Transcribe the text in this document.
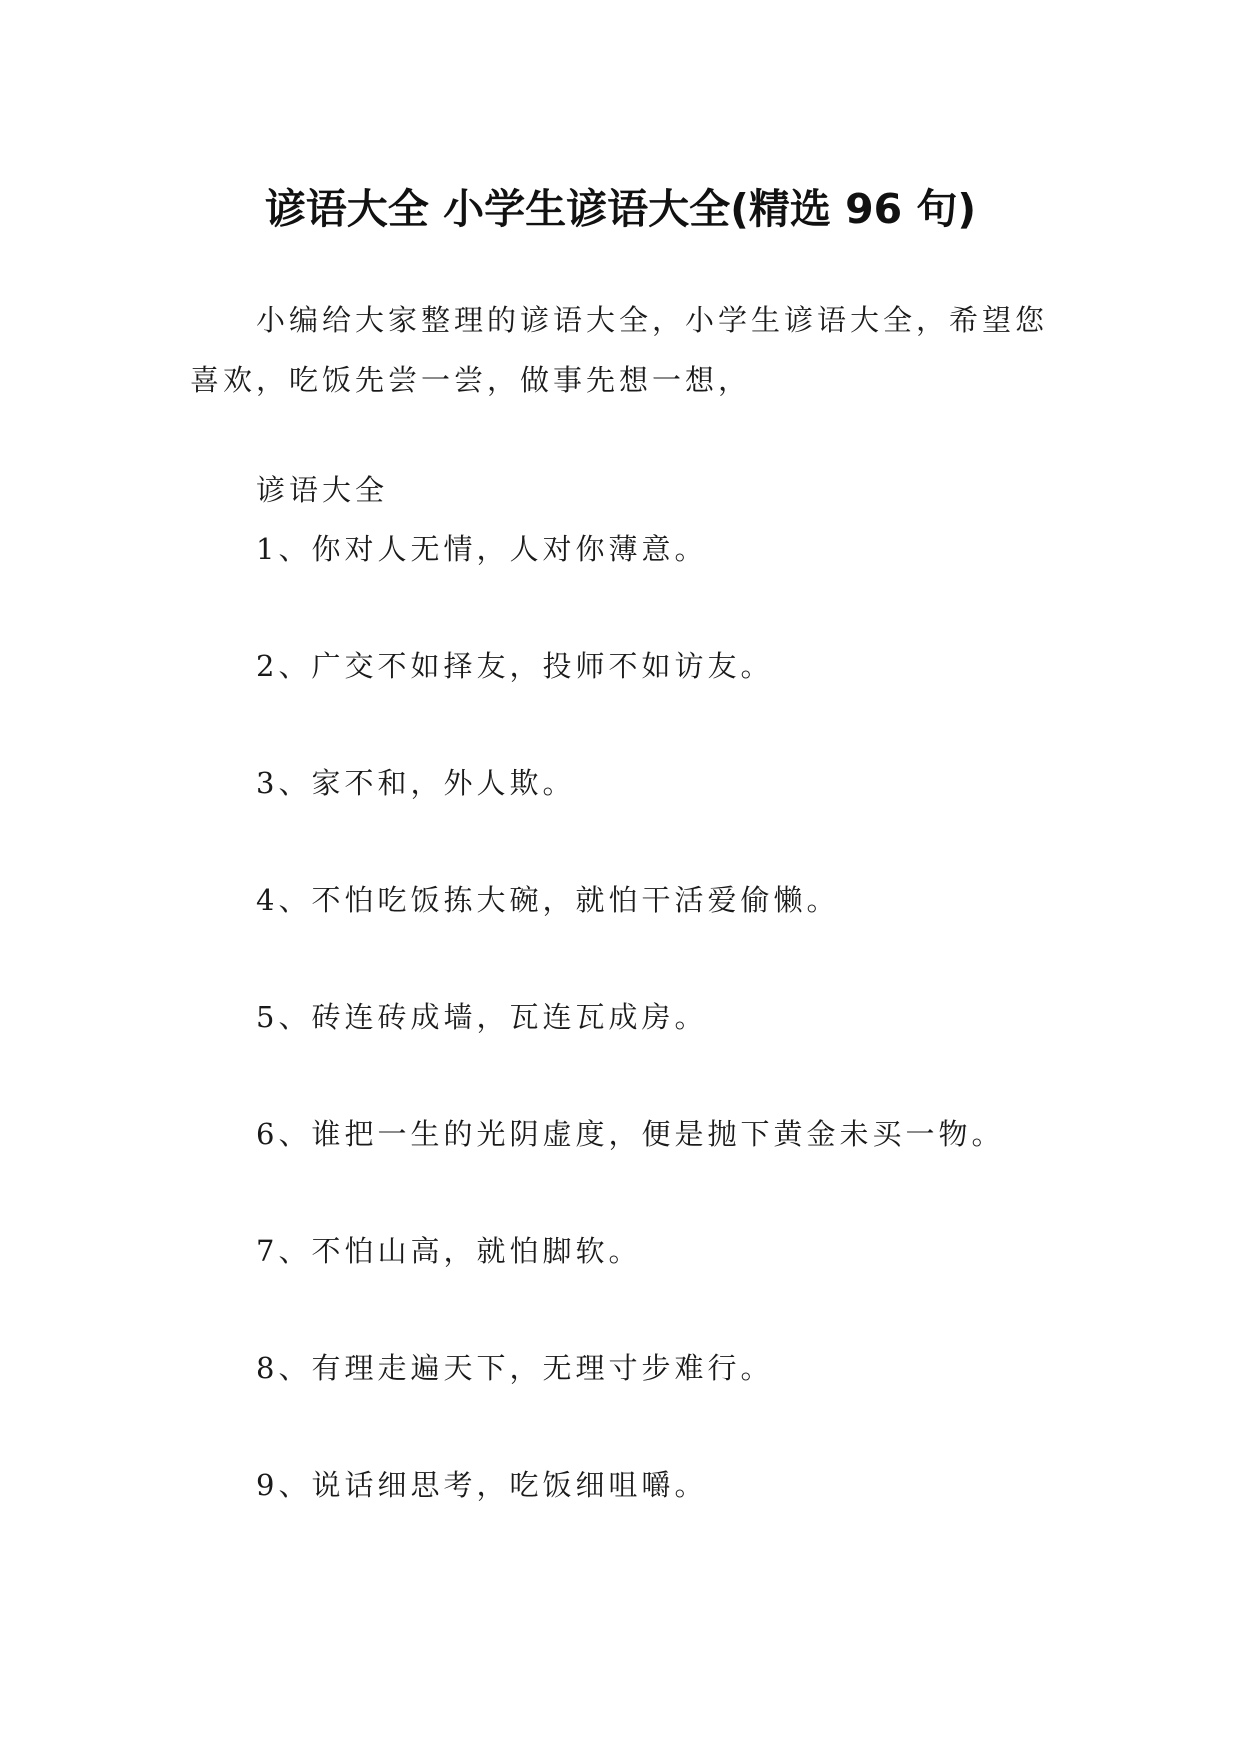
谚语大全 小学生谚语大全(精选 96 句)

小编给大家整理的谚语大全，小学生谚语大全，希望您喜欢，吃饭先尝一尝，做事先想一想，

谚语大全

1、你对人无情，人对你薄意。

2、广交不如择友，投师不如访友。

3、家不和，外人欺。

4、不怕吃饭拣大碗，就怕干活爱偷懒。

5、砖连砖成墙，瓦连瓦成房。

6、谁把一生的光阴虚度，便是抛下黄金未买一物。

7、不怕山高，就怕脚软。

8、有理走遍天下，无理寸步难行。

9、说话细思考，吃饭细咀嚼。
